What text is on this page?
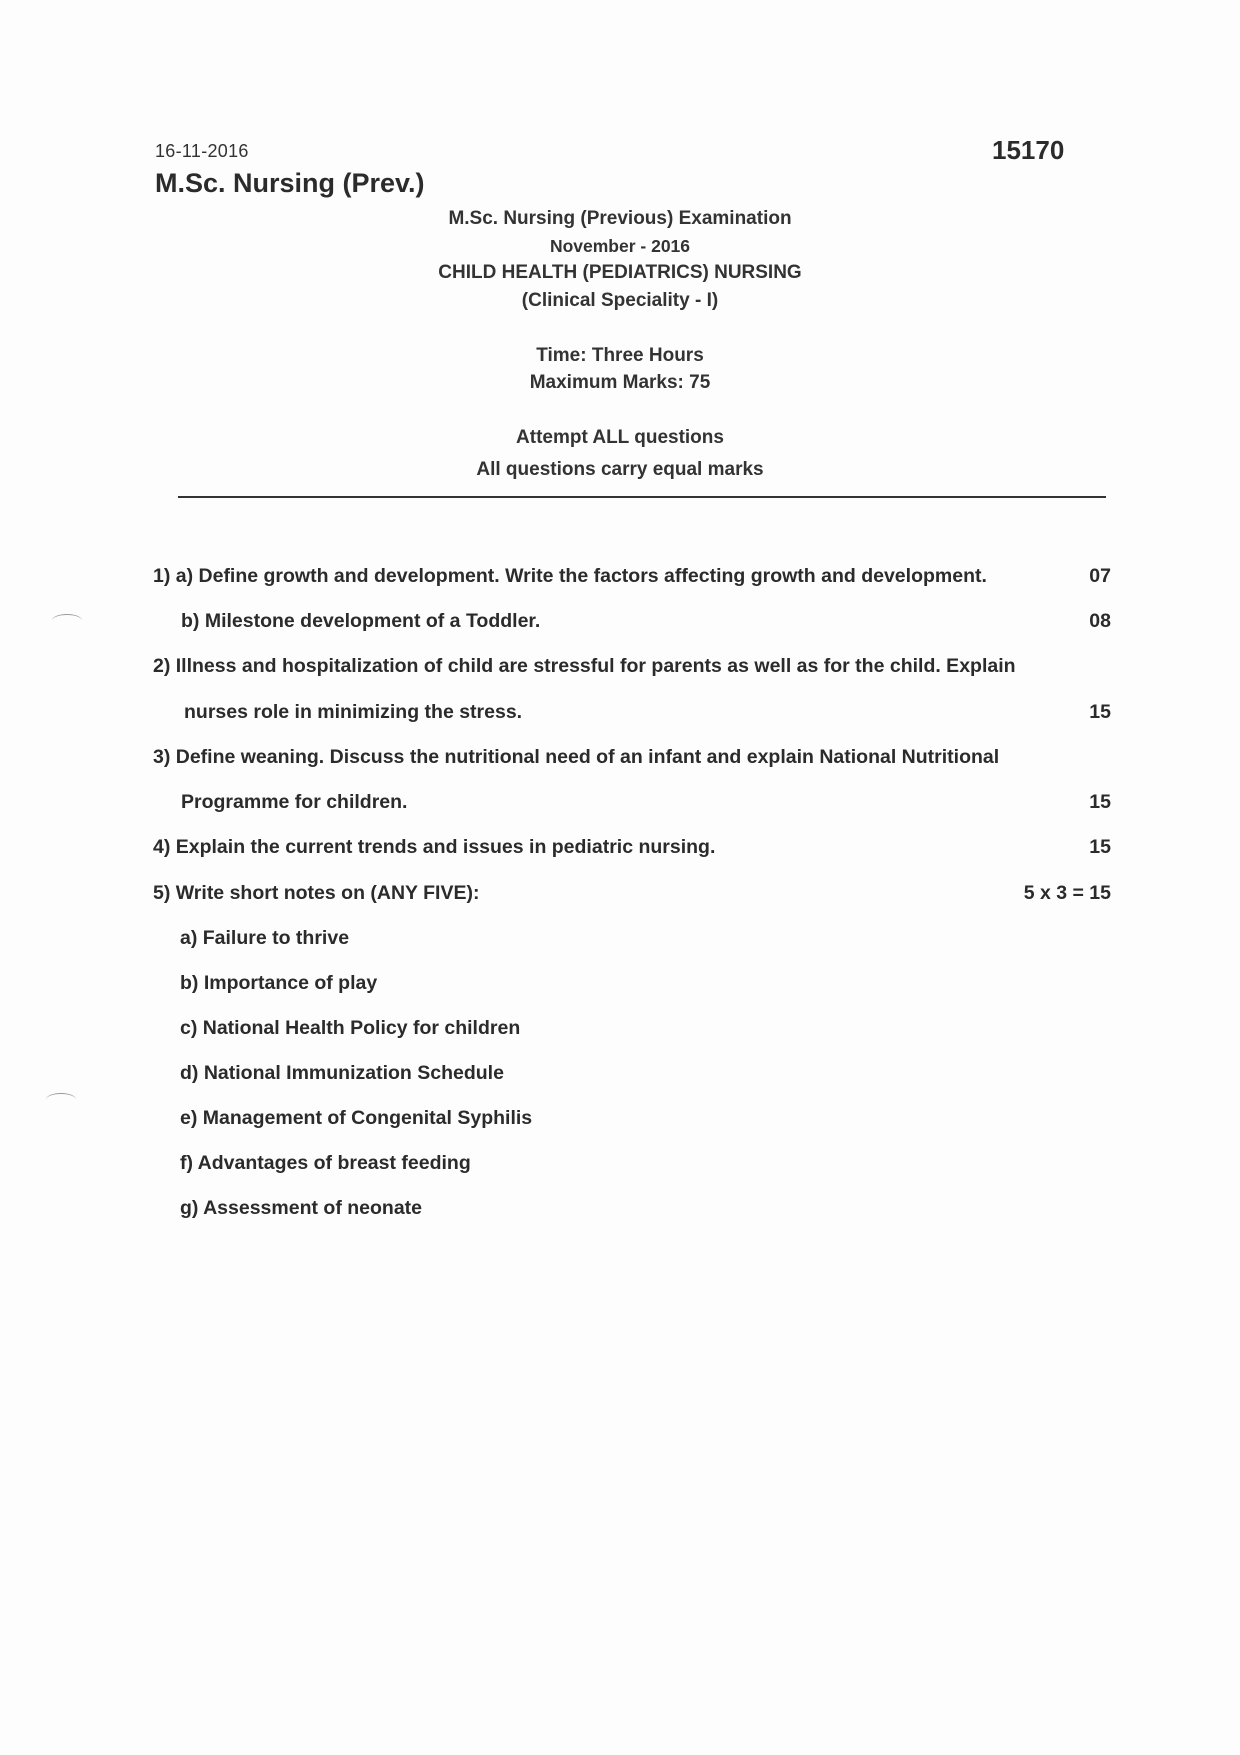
16-11-2016	15170
M.Sc. Nursing (Prev.)
M.Sc. Nursing (Previous) Examination
November - 2016
CHILD HEALTH (PEDIATRICS) NURSING
(Clinical Speciality - I)
Time: Three Hours
Maximum Marks: 75
Attempt ALL questions
All questions carry equal marks
1) a) Define growth and development. Write the factors affecting growth and development.	07
b) Milestone development of a Toddler.	08
2) Illness and hospitalization of child are stressful for parents as well as for the child. Explain
nurses role in minimizing the stress.	15
3) Define weaning. Discuss the nutritional need of an infant and explain National Nutritional
Programme for children.	15
4) Explain the current trends and issues in pediatric nursing.	15
5) Write short notes on (ANY FIVE):	5 x 3 = 15
a) Failure to thrive
b) Importance of play
c) National Health Policy for children
d) National Immunization Schedule
e) Management of Congenital Syphilis
f) Advantages of breast feeding
g) Assessment of neonate
